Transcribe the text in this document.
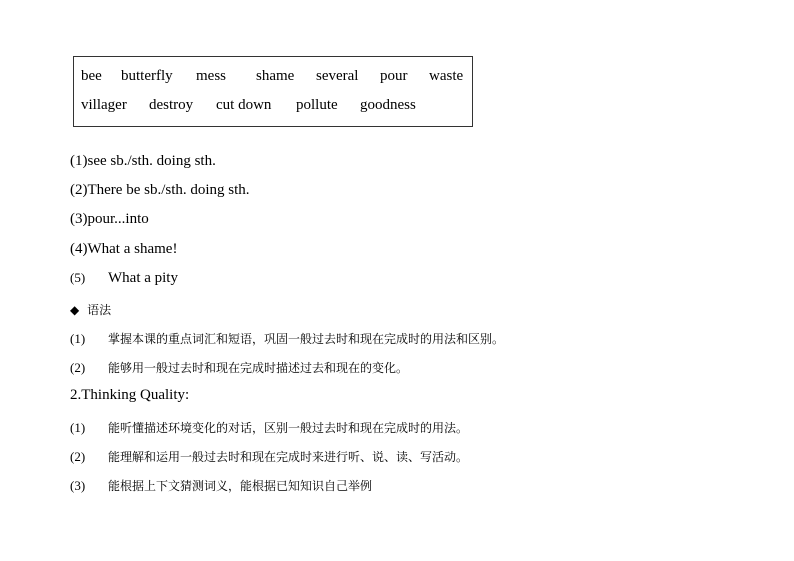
bee butterfly mess shame several pour waste
villager destroy cut down pollute goodness
(1)see sb./sth. doing sth.
(2)There be sb./sth. doing sth.
(3)pour...into
(4)What a shame!
(5) What a pity
◆ 语法
(1) 掌握本课的重点词汇和短语，巩固一般过去时和现在完成时的用法和区别。
(2) 能够用一般过去时和现在完成时描述过去和现在的变化。
2.Thinking Quality:
(1) 能听懂描述环境变化的对话，区别一般过去时和现在完成时的用法。
(2) 能理解和运用一般过去时和现在完成时来进行听、说、读、写活动。
(3) 能根据上下文猜测词义，能根据已知知识自己举例
